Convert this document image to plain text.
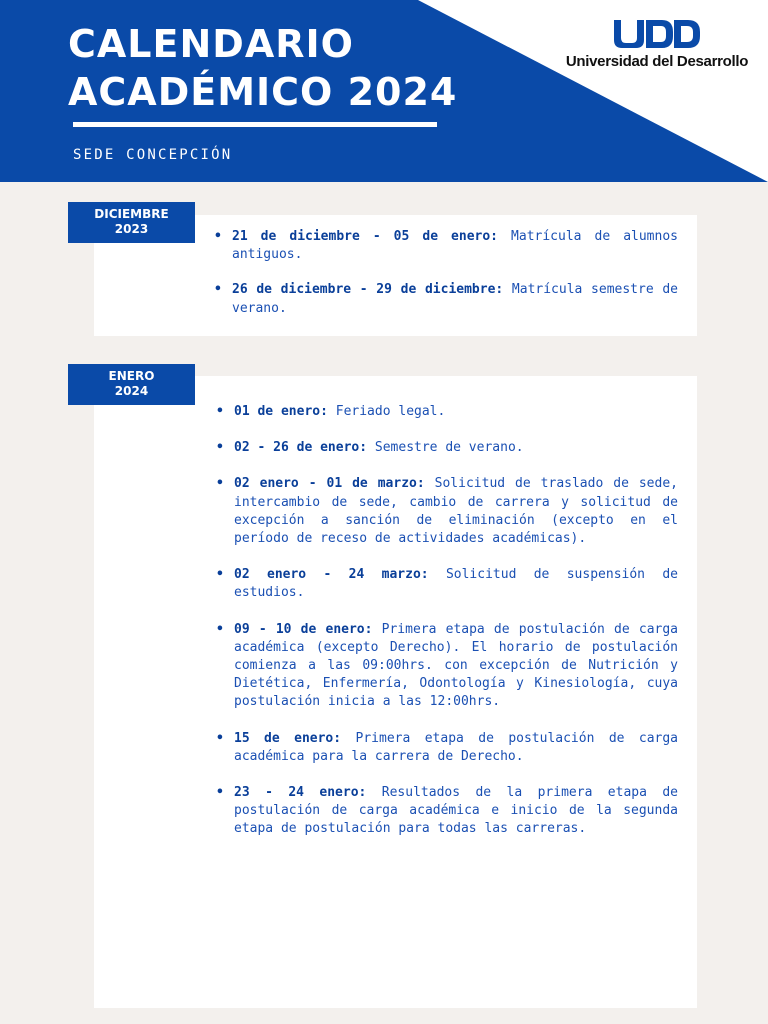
CALENDARIO
ACADÉMICO 2024
SEDE CONCEPCIÓN
Universidad del Desarrollo
DICIEMBRE
2023	• 21 de diciembre - 05 de enero: Matrícula de alumnos antiguos.
• 26 de diciembre - 29 de diciembre: Matrícula semestre de verano.
ENERO
2024
• 01 de enero: Feriado legal.
• 02 - 26 de enero: Semestre de verano.
• 02 enero - 01 de marzo: Solicitud de traslado de sede, intercambio de sede, cambio de carrera y solicitud de excepción a sanción de eliminación (excepto en el período de receso de actividades académicas).
• 02 enero - 24 marzo: Solicitud de suspensión de estudios.
• 09 - 10 de enero: Primera etapa de postulación de carga académica (excepto Derecho). El horario de postulación comienza a las 09:00hrs. con excepción de Nutrición y Dietética, Enfermería, Odontología y Kinesiología, cuya postulación inicia a las 12:00hrs.
• 15 de enero: Primera etapa de postulación de carga académica para la carrera de Derecho.
• 23 - 24 enero: Resultados de la primera etapa de postulación de carga académica e inicio de la segunda etapa de postulación para todas las carreras.
